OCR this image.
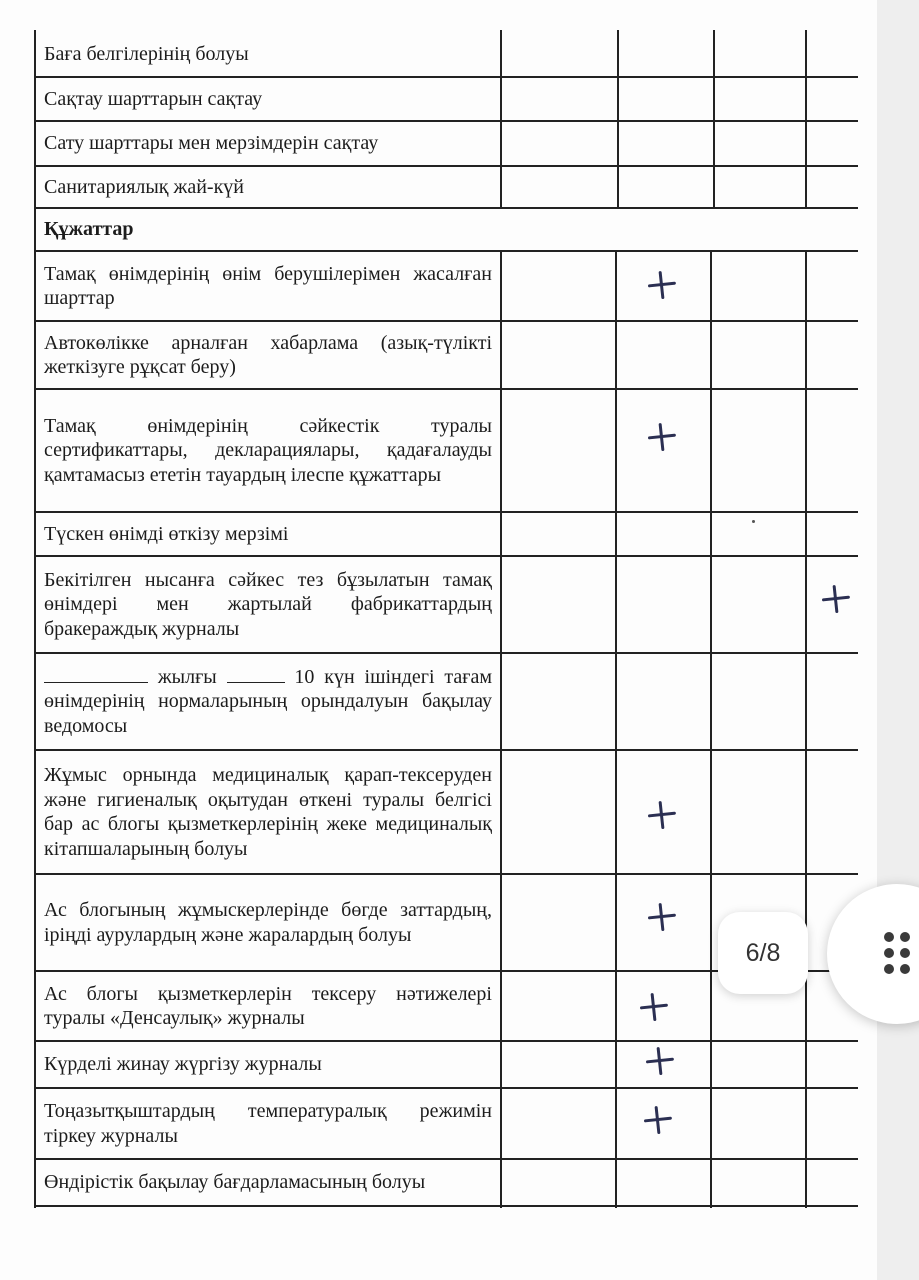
Баға белгілерінің болуы
Сақтау шарттарын сақтау
Сату шарттары мен мерзімдерін сақтау
Санитариялық жай-күй
Құжаттар
Тамақ өнімдерінің өнім берушілерімен жасалған шарттар
Автокөлікке арналған хабарлама (азық-түлікті жеткізуге рұқсат беру)
Тамақ өнімдерінің сәйкестік туралы сертификаттары, декларациялары, қадағалауды қамтамасыз ететін тауардың ілеспе құжаттары
Түскен өнімді өткізу мерзімі
Бекітілген нысанға сәйкес тез бұзылатын тамақ өнімдері мен жартылай фабрикаттардың бракераждық журналы
жылғы	10 күн ішіндегі тағам өнімдерінің нормаларының орындалуын бақылау ведомосы
Жұмыс орнында медициналық қарап-тексеруден және гигиеналық оқытудан өткені туралы белгісі бар ас блогы қызметкерлерінің жеке медициналық кітапшаларының болуы
Ас блогының жұмыскерлерінде бөгде заттардың, іріңді аурулардың және жаралардың болуы
Ас блогы қызметкерлерін тексеру нәтижелері туралы «Денсаулық» журналы
Күрделі жинау жүргізу журналы
Тоңазытқыштардың температуралық режимін тіркеу журналы
Өндірістік бақылау бағдарламасының болуы
6/8
